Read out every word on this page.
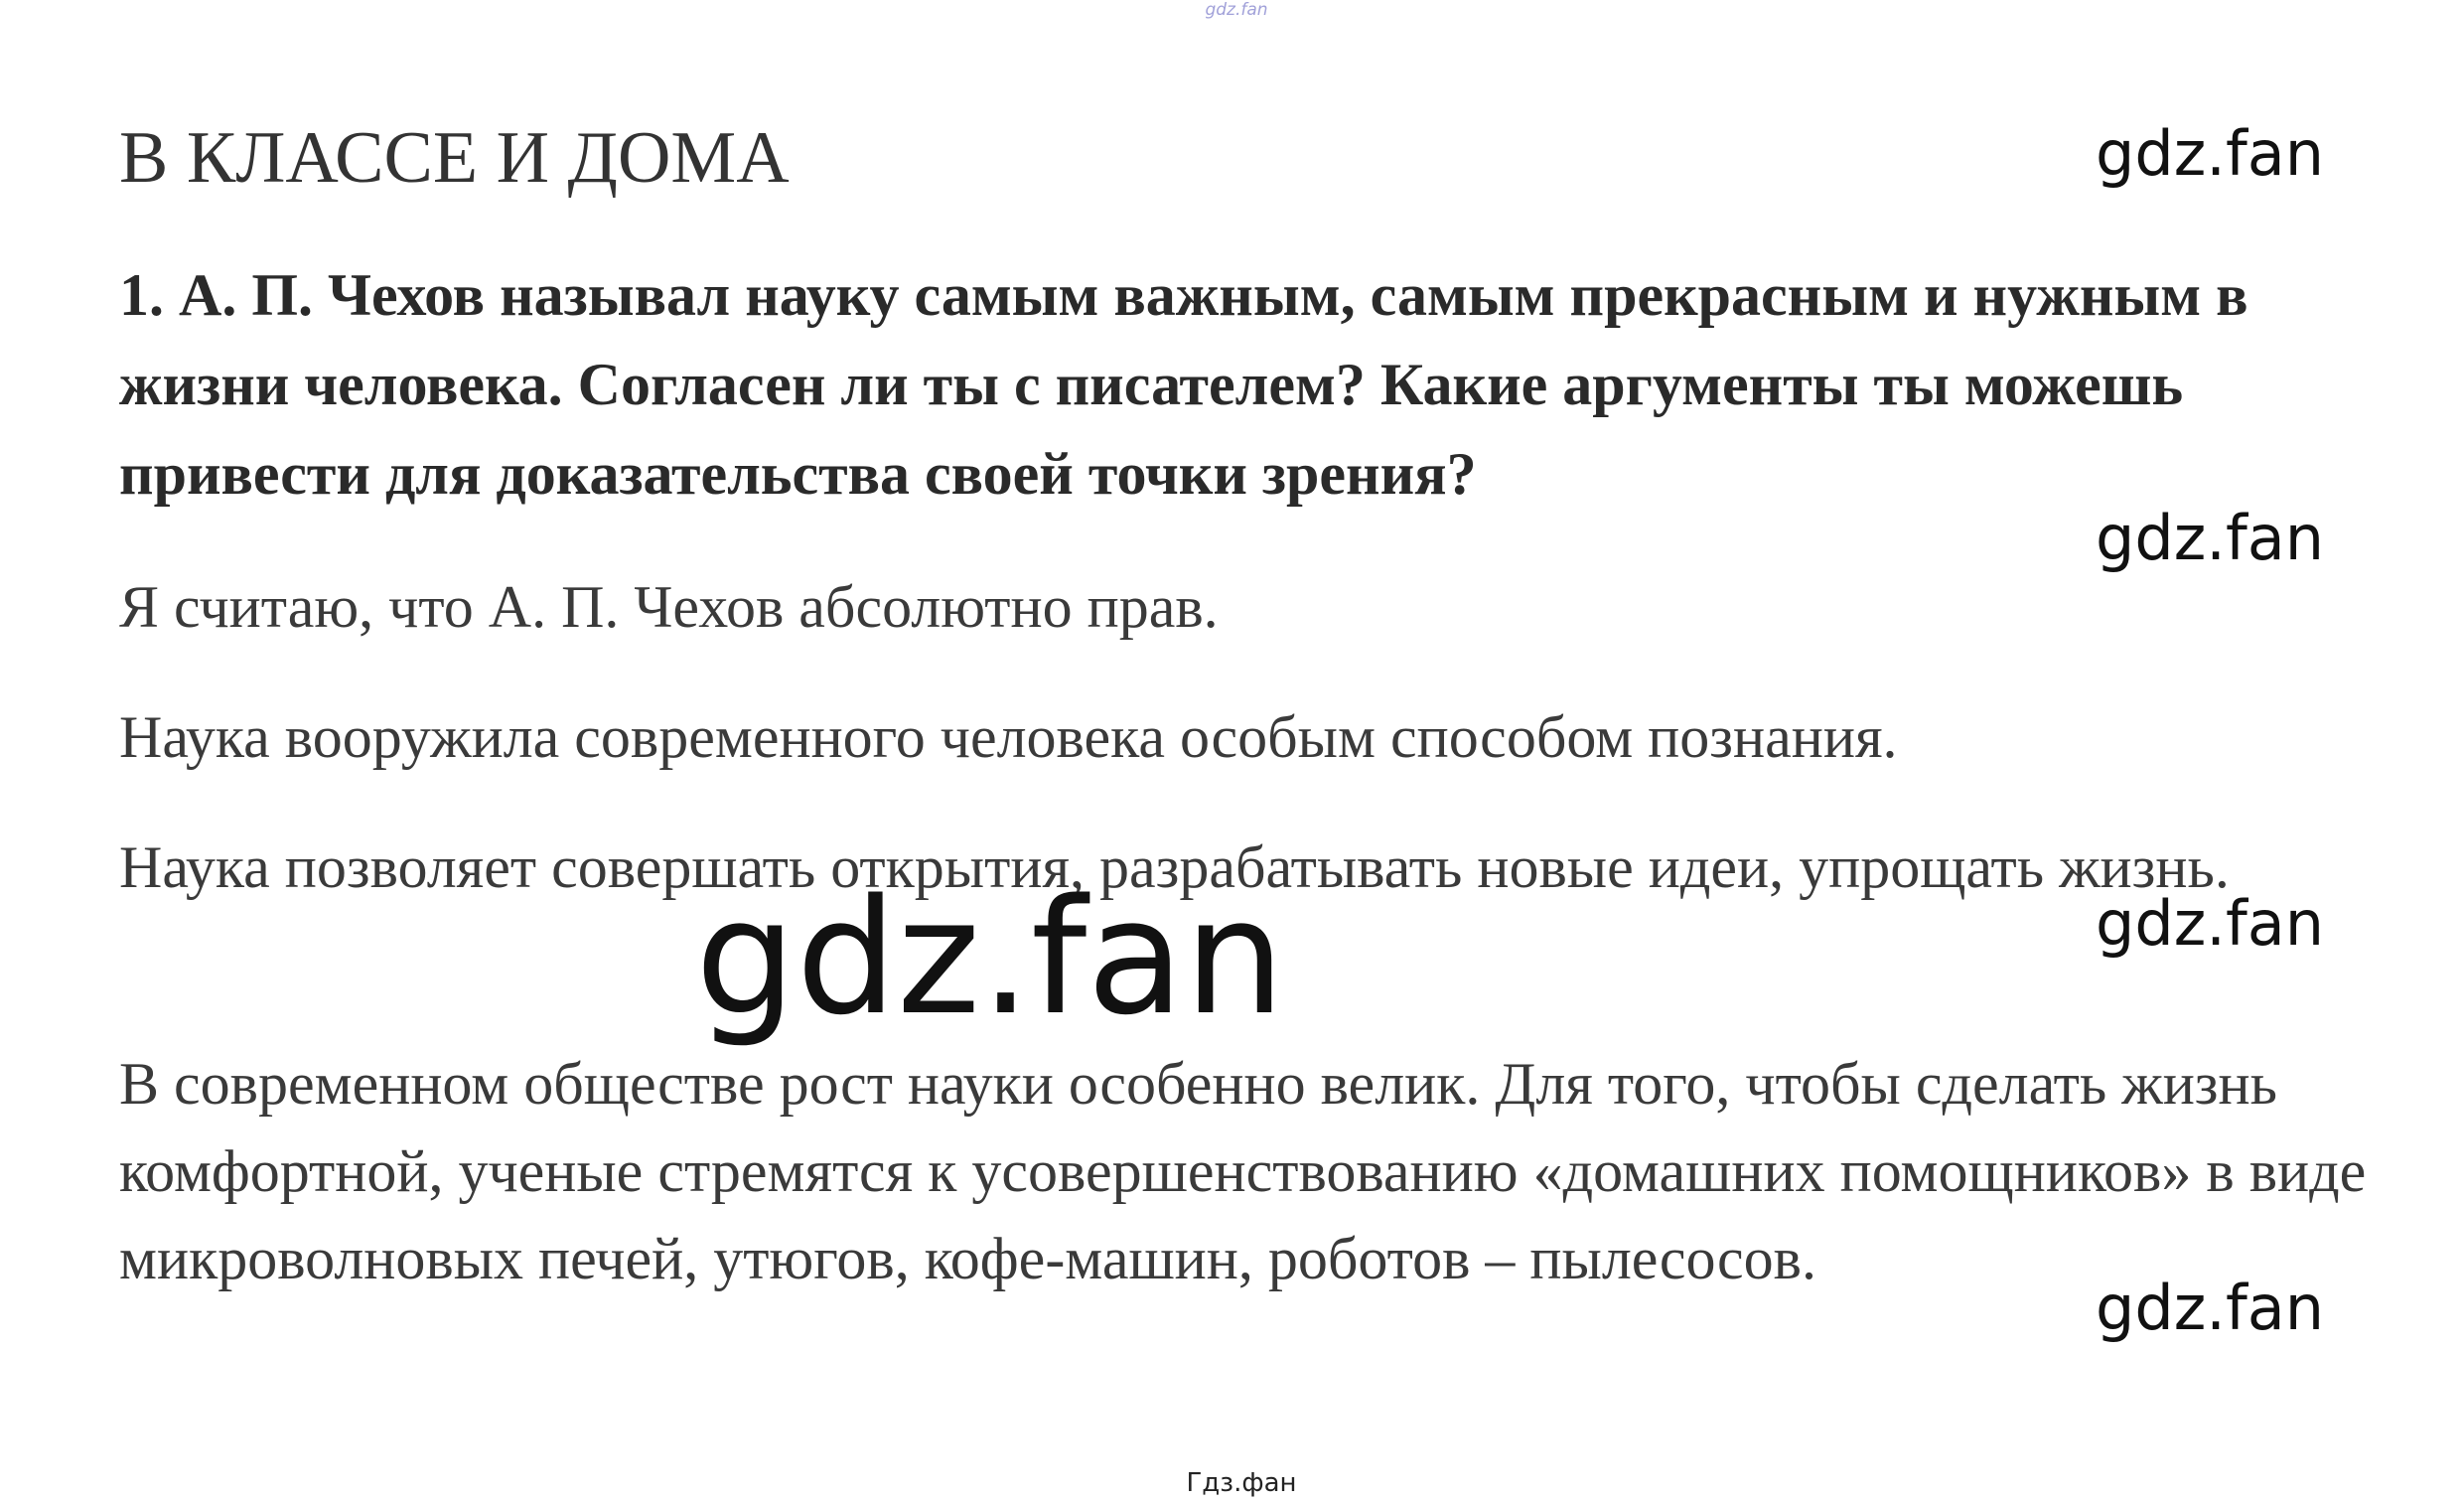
gdz.fan

В КЛАССЕ И ДОМА

1. А. П. Чехов называл науку самым важным, самым прекрасным и нужным в жизни человека. Согласен ли ты с писателем? Какие аргументы ты можешь привести для доказательства своей точки зрения?

Я считаю, что А. П. Чехов абсолютно прав.

Наука вооружила современного человека особым способом познания.

Наука позволяет совершать открытия, разрабатывать новые идеи, упрощать жизнь.

В современном обществе рост науки особенно велик. Для того, чтобы сделать жизнь комфортной, ученые стремятся к усовершенствованию «домашних помощников» в виде микроволновых печей, утюгов, кофе-машин, роботов – пылесосов.

gdz.fan
gdz.fan
gdz.fan
gdz.fan
gdz.fan
Гдз.фан
